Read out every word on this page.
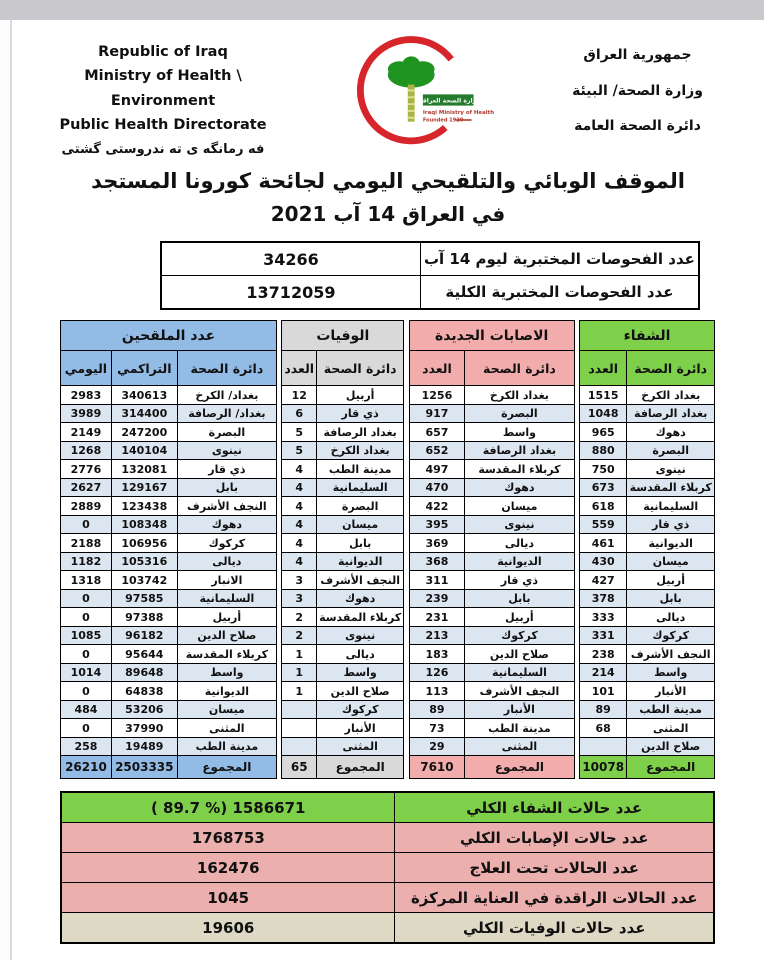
Republic of Iraq
Ministry of Health \ Environment
Public Health Directorate
فه رمانگه ی ته ندروستی گشتی
وزارة الصحة العراقية
Iraqi Ministry of Health
Founded 1920
جمهورية العراق
وزارة الصحة/ البيئة
دائرة الصحة العامة
الموقف الوبائي والتلقيحي اليومي لجائحة كورونا المستجد
في العراق 14 آب 2021
عدد الفحوصات المختبرية ليوم 14 آب	34266
عدد الفحوصات المختبرية الكلية	13712059
الشفاء	
دائرة الصحة	العدد
بغداد الكرخ	1515
بغداد الرصافة	1048
دهوك	965
البصرة	880
نينوى	750
كربلاء المقدسة	673
السليمانية	618
ذي قار	559
الديوانية	461
ميسان	430
أربيل	427
بابل	378
ديالى	333
كركوك	331
النجف الأشرف	238
واسط	214
الأنبار	101
مدينة الطب	89
المثنى	68
صلاح الدين	
المجموع	10078
الاصابات الجديدة	
دائرة الصحة	العدد
بغداد الكرخ	1256
البصرة	917
واسط	657
بغداد الرصافة	652
كربلاء المقدسة	497
دهوك	470
ميسان	422
نينوى	395
ديالى	369
الديوانية	368
ذي قار	311
بابل	239
أربيل	231
كركوك	213
صلاح الدين	183
السليمانية	126
النجف الأشرف	113
الأنبار	89
مدينة الطب	73
المثنى	29
المجموع	7610
الوفيات	
دائرة الصحة	العدد
أربيل	12
ذي قار	6
بغداد الرصافة	5
بغداد الكرخ	5
مدينة الطب	4
السليمانية	4
البصرة	4
ميسان	4
بابل	4
الديوانية	4
النجف الأشرف	3
دهوك	3
كربلاء المقدسة	2
نينوى	2
ديالى	1
واسط	1
صلاح الدين	1
كركوك	
الأنبار	
المثنى	
المجموع	65
عدد الملقحين		
دائرة الصحة	التراكمي	اليومي
بغداد/ الكرخ	340613	2983
بغداد/ الرصافة	314400	3989
البصرة	247200	2149
نينوى	140104	1268
ذي قار	132081	2776
بابل	129167	2627
النجف الأشرف	123438	2889
دهوك	108348	0
كركوك	106956	2188
ديالى	105316	1182
الانبار	103742	1318
السليمانية	97585	0
أربيل	97388	0
صلاح الدين	96182	1085
كربلاء المقدسة	95644	0
واسط	89648	1014
الديوانية	64838	0
ميسان	53206	484
المثنى	37990	0
مدينة الطب	19489	258
المجموع	2503335	26210
عدد حالات الشفاء الكلي	( 89.7 %) 1586671
عدد حالات الإصابات الكلي	1768753
عدد الحالات تحت العلاج	162476
عدد الحالات الراقدة في العناية المركزة	1045
عدد حالات الوفيات الكلي	19606
